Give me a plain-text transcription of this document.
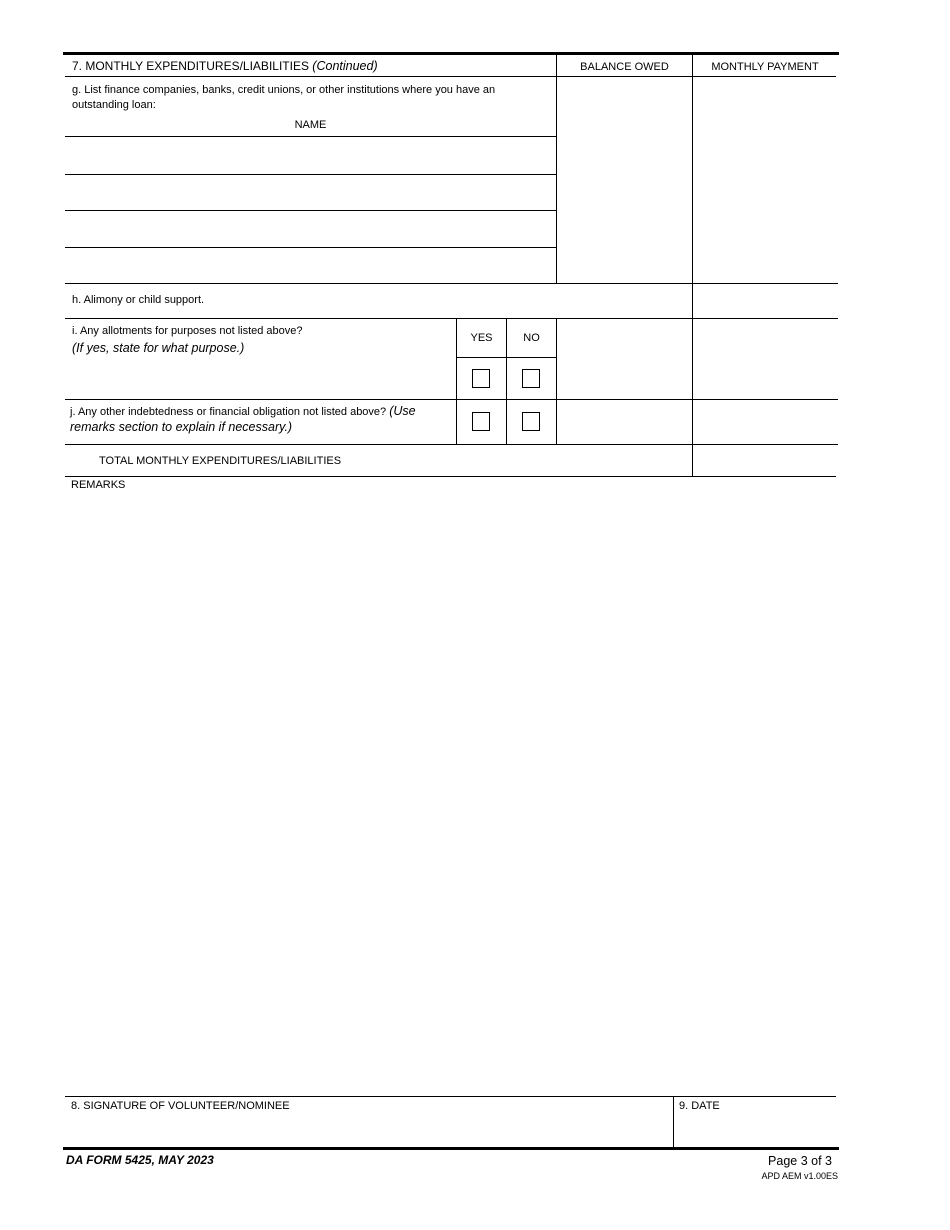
7. MONTHLY EXPENDITURES/LIABILITIES (Continued)	BALANCE OWED	MONTHLY PAYMENT
g. List finance companies, banks, credit unions, or other institutions where you have an outstanding loan:
NAME
h. Alimony or child support.
i. Any allotments for purposes not listed above?
(If yes, state for what purpose.)
YES	NO
j. Any other indebtedness or financial obligation not listed above? (Use
remarks section to explain if necessary.)
TOTAL MONTHLY EXPENDITURES/LIABILITIES
REMARKS
8. SIGNATURE OF VOLUNTEER/NOMINEE	9. DATE
DA FORM 5425, MAY 2023	Page 3 of 3
APD AEM v1.00ES
